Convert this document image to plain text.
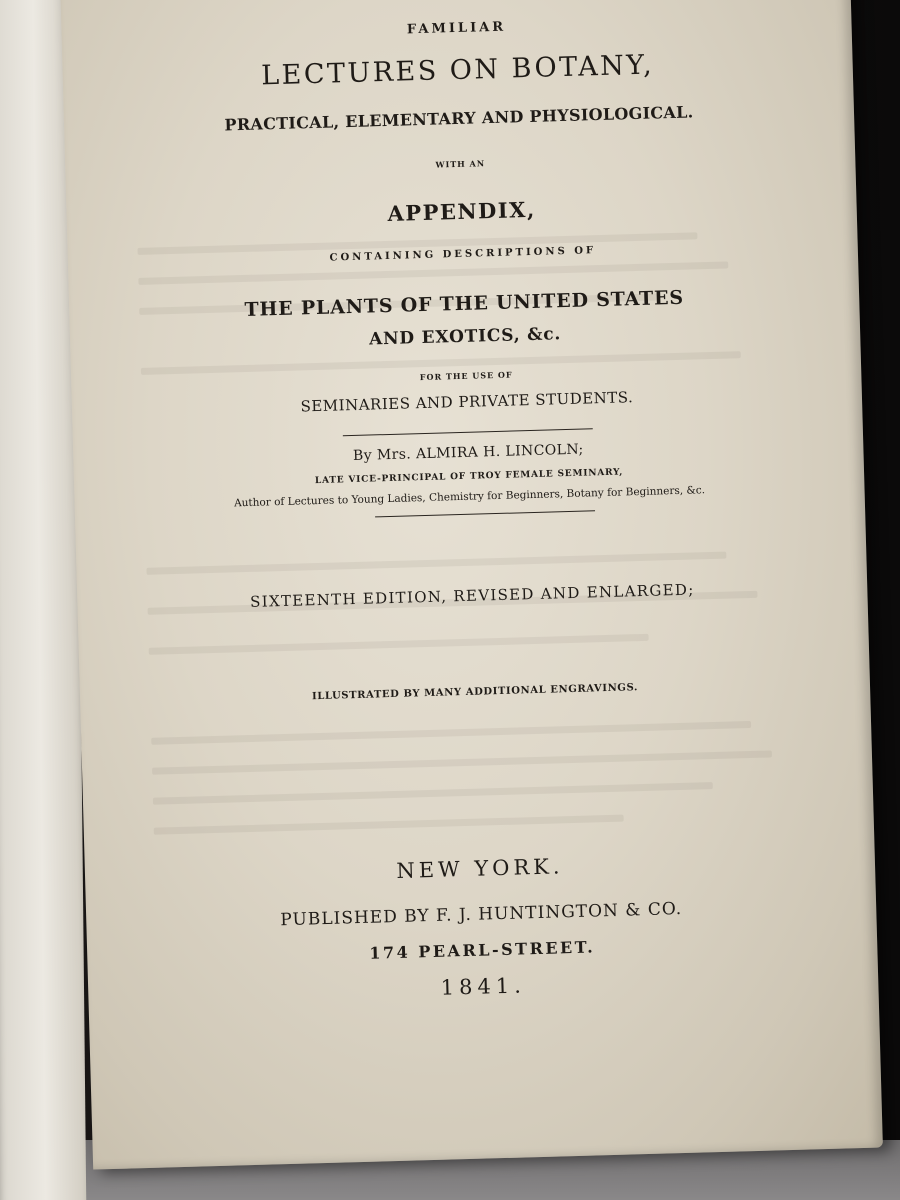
FAMILIAR
LECTURES ON BOTANY,
PRACTICAL, ELEMENTARY AND PHYSIOLOGICAL.
WITH AN
APPENDIX,
CONTAINING DESCRIPTIONS OF
THE PLANTS OF THE UNITED STATES
AND EXOTICS, &c.
FOR THE USE OF
SEMINARIES AND PRIVATE STUDENTS.
By Mrs. ALMIRA H. LINCOLN;
LATE VICE-PRINCIPAL OF TROY FEMALE SEMINARY,
Author of Lectures to Young Ladies, Chemistry for Beginners, Botany for Beginners, &c.
SIXTEENTH EDITION, REVISED AND ENLARGED;
ILLUSTRATED BY MANY ADDITIONAL ENGRAVINGS.
NEW YORK.
PUBLISHED BY F. J. HUNTINGTON & CO.
174 PEARL-STREET.
1841.
